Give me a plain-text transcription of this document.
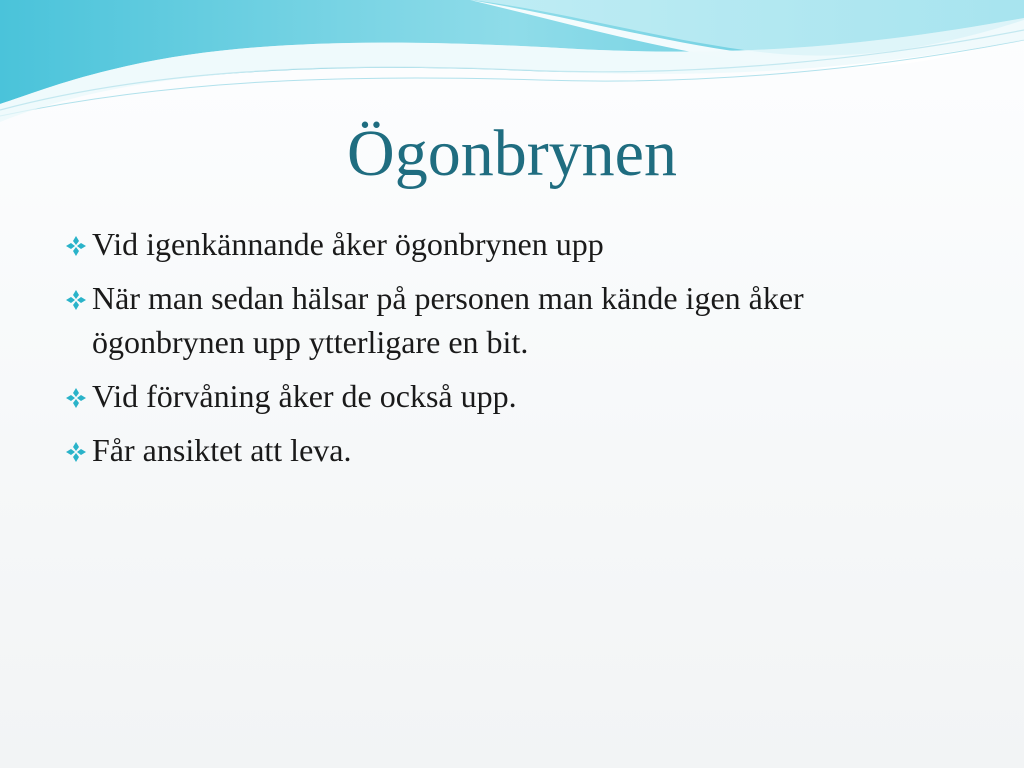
Ögonbrynen
Vid igenkännande åker ögonbrynen upp
När man sedan hälsar på personen man kände igen åker ögonbrynen upp ytterligare en bit.
Vid förvåning åker de också upp.
Får ansiktet att leva.
